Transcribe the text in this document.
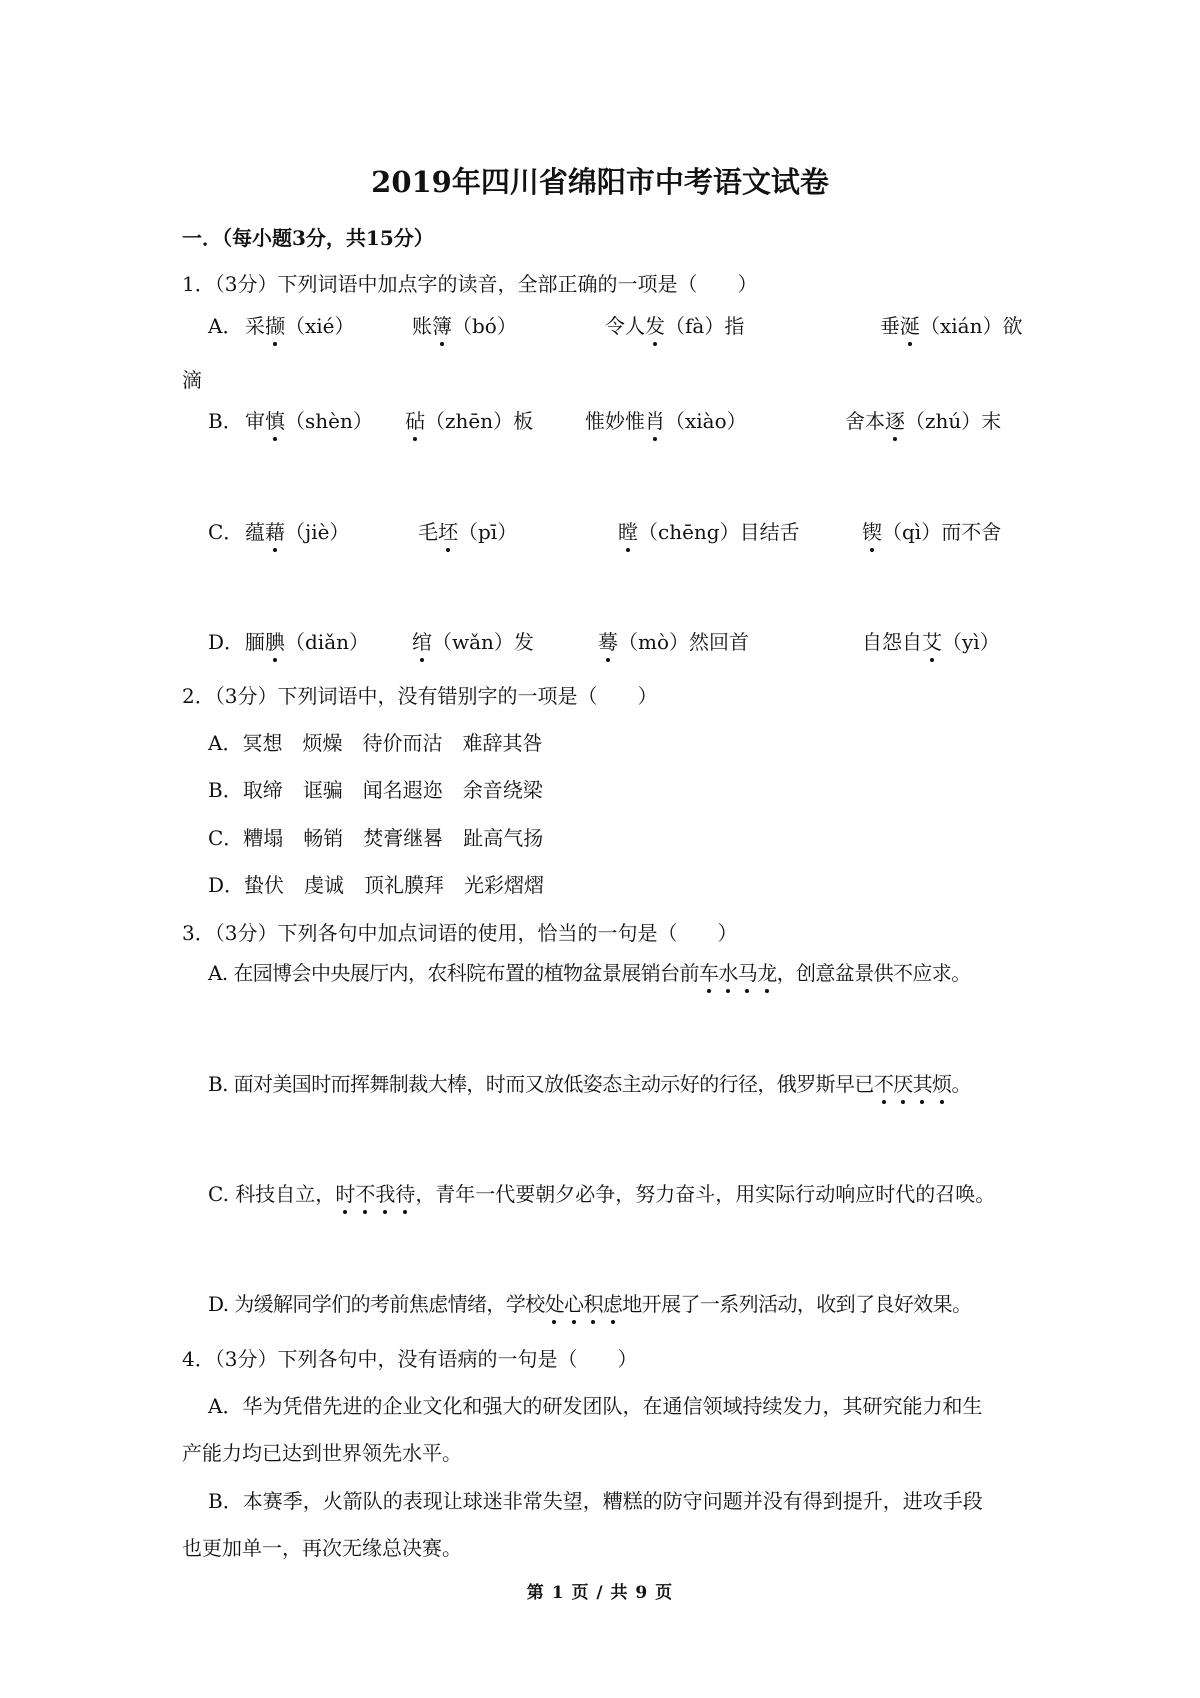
2019年四川省绵阳市中考语文试卷
一．（每小题3分，共15分）
1．（3分）下列词语中加点字的读音，全部正确的一项是（　　）
A． 采撷（xié）	账簿（bó）	令人发（fà）指	垂涎（xián）欲
滴
B． 审慎（shèn） 砧（zhēn）板	惟妙惟肖（xiào）	舍本逐（zhú）末
C． 蕴藉（jiè）	毛坯（pī）	瞠（chēng）目结舌	锲（qì）而不舍
D． 腼腆（diǎn） 绾（wǎn）发	蓦（mò）然回首	自怨自艾（yì）
2．（3分）下列词语中，没有错别字的一项是（　　）
A．冥想　烦燥　待价而沽　难辞其咎
B．取缔　诓骗　闻名遐迩　余音绕梁
C．糟塌　畅销　焚膏继晷　趾高气扬
D．蛰伏　虔诚　顶礼膜拜　光彩熠熠
3．（3分）下列各句中加点词语的使用，恰当的一句是（　　）
A. 在园博会中央展厅内，农科院布置的植物盆景展销台前车水马龙，创意盆景供不应求。
B. 面对美国时而挥舞制裁大棒，时而又放低姿态主动示好的行径，俄罗斯早已不厌其烦。
C. 科技自立，时不我待，青年一代要朝夕必争，努力奋斗，用实际行动响应时代的召唤。
D. 为缓解同学们的考前焦虑情绪，学校处心积虑地开展了一系列活动，收到了良好效果。
4．（3分）下列各句中，没有语病的一句是（　　）
A．华为凭借先进的企业文化和强大的研发团队，在通信领域持续发力，其研究能力和生
产能力均已达到世界领先水平。
B．本赛季，火箭队的表现让球迷非常失望，糟糕的防守问题并没有得到提升，进攻手段
也更加单一，再次无缘总决赛。
第 1 页 / 共 9 页
